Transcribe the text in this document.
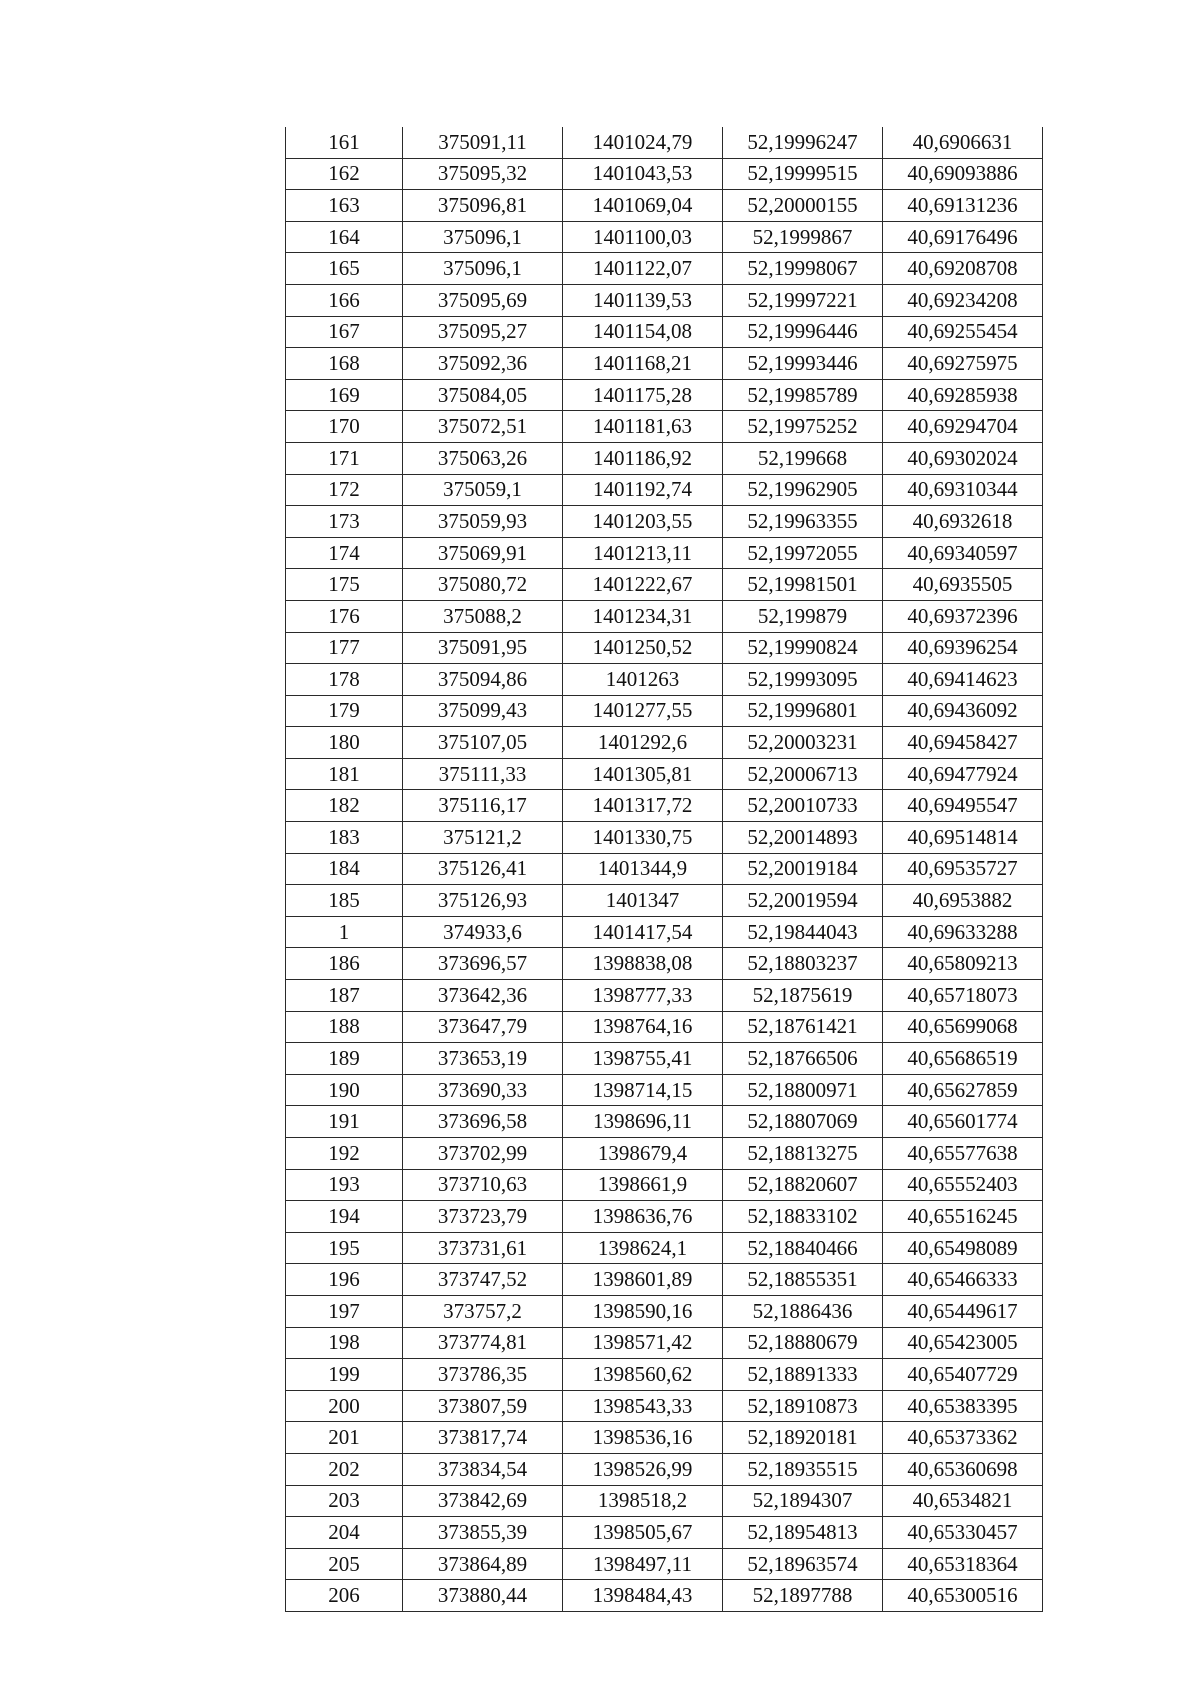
161	375091,11	1401024,79	52,19996247	40,6906631
162	375095,32	1401043,53	52,19999515	40,69093886
163	375096,81	1401069,04	52,20000155	40,69131236
164	375096,1	1401100,03	52,1999867	40,69176496
165	375096,1	1401122,07	52,19998067	40,69208708
166	375095,69	1401139,53	52,19997221	40,69234208
167	375095,27	1401154,08	52,19996446	40,69255454
168	375092,36	1401168,21	52,19993446	40,69275975
169	375084,05	1401175,28	52,19985789	40,69285938
170	375072,51	1401181,63	52,19975252	40,69294704
171	375063,26	1401186,92	52,199668	40,69302024
172	375059,1	1401192,74	52,19962905	40,69310344
173	375059,93	1401203,55	52,19963355	40,6932618
174	375069,91	1401213,11	52,19972055	40,69340597
175	375080,72	1401222,67	52,19981501	40,6935505
176	375088,2	1401234,31	52,199879	40,69372396
177	375091,95	1401250,52	52,19990824	40,69396254
178	375094,86	1401263	52,19993095	40,69414623
179	375099,43	1401277,55	52,19996801	40,69436092
180	375107,05	1401292,6	52,20003231	40,69458427
181	375111,33	1401305,81	52,20006713	40,69477924
182	375116,17	1401317,72	52,20010733	40,69495547
183	375121,2	1401330,75	52,20014893	40,69514814
184	375126,41	1401344,9	52,20019184	40,69535727
185	375126,93	1401347	52,20019594	40,6953882
1	374933,6	1401417,54	52,19844043	40,69633288
186	373696,57	1398838,08	52,18803237	40,65809213
187	373642,36	1398777,33	52,1875619	40,65718073
188	373647,79	1398764,16	52,18761421	40,65699068
189	373653,19	1398755,41	52,18766506	40,65686519
190	373690,33	1398714,15	52,18800971	40,65627859
191	373696,58	1398696,11	52,18807069	40,65601774
192	373702,99	1398679,4	52,18813275	40,65577638
193	373710,63	1398661,9	52,18820607	40,65552403
194	373723,79	1398636,76	52,18833102	40,65516245
195	373731,61	1398624,1	52,18840466	40,65498089
196	373747,52	1398601,89	52,18855351	40,65466333
197	373757,2	1398590,16	52,1886436	40,65449617
198	373774,81	1398571,42	52,18880679	40,65423005
199	373786,35	1398560,62	52,18891333	40,65407729
200	373807,59	1398543,33	52,18910873	40,65383395
201	373817,74	1398536,16	52,18920181	40,65373362
202	373834,54	1398526,99	52,18935515	40,65360698
203	373842,69	1398518,2	52,1894307	40,6534821
204	373855,39	1398505,67	52,18954813	40,65330457
205	373864,89	1398497,11	52,18963574	40,65318364
206	373880,44	1398484,43	52,1897788	40,65300516
